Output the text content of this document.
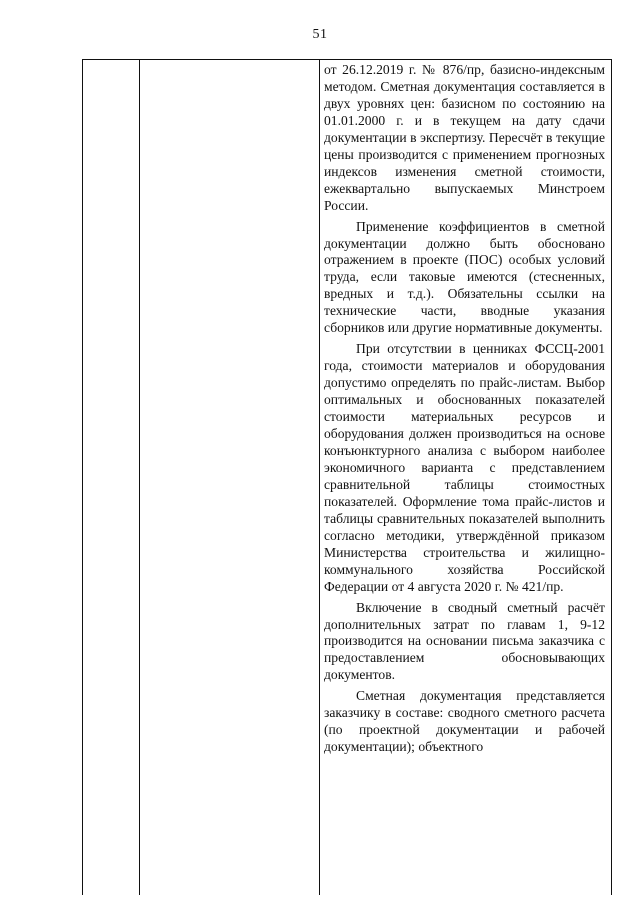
51

от 26.12.2019 г. № 876/пр, базисно-индексным методом. Сметная документация составляется в двух уровнях цен: базисном по состоянию на 01.01.2000 г. и в текущем на дату сдачи документации в экспертизу. Пересчёт в текущие цены производится с применением прогнозных индексов изменения сметной стоимости, ежеквартально выпускаемых Минстроем России.

Применение коэффициентов в сметной документации должно быть обосновано отражением в проекте (ПОС) особых условий труда, если таковые имеются (стесненных, вредных и т.д.). Обязательны ссылки на технические части, вводные указания сборников или другие нормативные документы.

При отсутствии в ценниках ФССЦ-2001 года, стоимости материалов и оборудования допустимо определять по прайс-листам. Выбор оптимальных и обоснованных показателей стоимости материальных ресурсов и оборудования должен производиться на основе конъюнктурного анализа с выбором наиболее экономичного варианта с представлением сравнительной таблицы стоимостных показателей. Оформление тома прайс-листов и таблицы сравнительных показателей выполнить согласно методики, утверждённой приказом Министерства строительства и жилищно-коммунального хозяйства Российской Федерации от 4 августа 2020 г. № 421/пр.

Включение в сводный сметный расчёт дополнительных затрат по главам 1, 9-12 производится на основании письма заказчика с предоставлением обосновывающих документов.

Сметная документация представляется заказчику в составе: сводного сметного расчета (по проектной документации и рабочей документации); объектного
